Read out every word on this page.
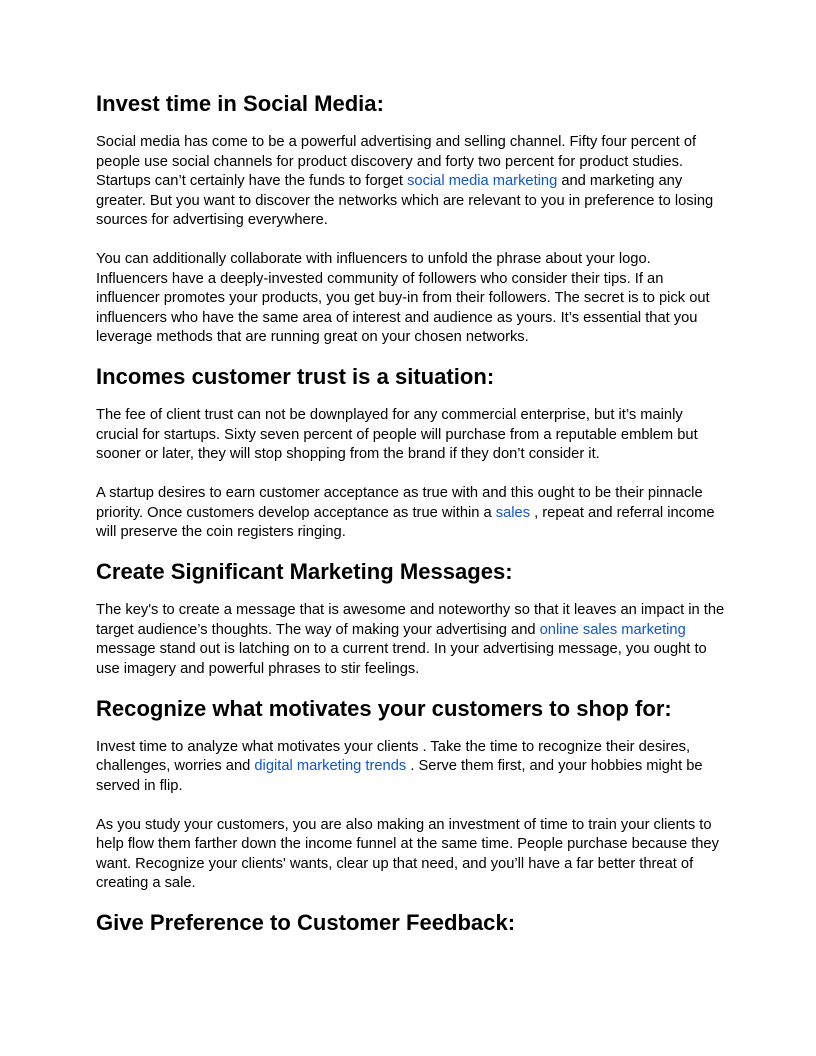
Invest time in Social Media:

Social media has come to be a powerful advertising and selling channel. Fifty four percent of people use social channels for product discovery and forty two percent for product studies. Startups can’t certainly have the funds to forget social media marketing and marketing any greater. But you want to discover the networks which are relevant to you in preference to losing sources for advertising everywhere.

You can additionally collaborate with influencers to unfold the phrase about your logo. Influencers have a deeply-invested community of followers who consider their tips. If an influencer promotes your products, you get buy-in from their followers. The secret is to pick out influencers who have the same area of interest and audience as yours. It’s essential that you leverage methods that are running great on your chosen networks.

Incomes customer trust is a situation:

The fee of client trust can not be downplayed for any commercial enterprise, but it’s mainly crucial for startups. Sixty seven percent of people will purchase from a reputable emblem but sooner or later, they will stop shopping from the brand if they don’t consider it.

A startup desires to earn customer acceptance as true with and this ought to be their pinnacle priority. Once customers develop acceptance as true within a sales , repeat and referral income will preserve the coin registers ringing.

Create Significant Marketing Messages:

The key's to create a message that is awesome and noteworthy so that it leaves an impact in the target audience’s thoughts. The way of making your advertising and online sales marketing message stand out is latching on to a current trend. In your advertising message, you ought to use imagery and powerful phrases to stir feelings.

Recognize what motivates your customers to shop for:

Invest time to analyze what motivates your clients . Take the time to recognize their desires, challenges, worries and digital marketing trends . Serve them first, and your hobbies might be served in flip.

As you study your customers, you are also making an investment of time to train your clients to help flow them farther down the income funnel at the same time. People purchase because they want. Recognize your clients' wants, clear up that need, and you’ll have a far better threat of creating a sale.

Give Preference to Customer Feedback:
